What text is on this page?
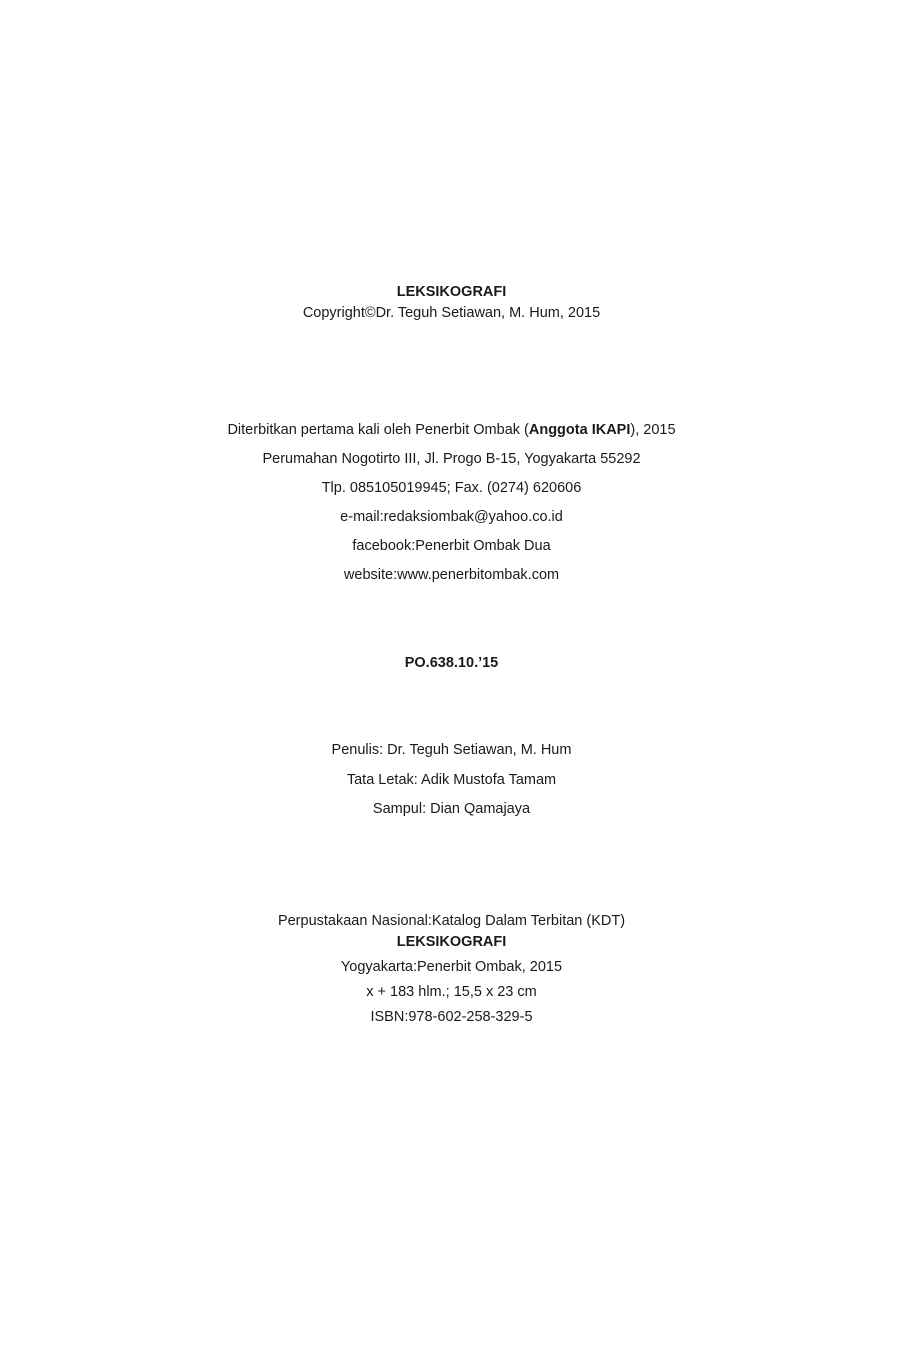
LEKSIKOGRAFI
Copyright©Dr. Teguh Setiawan, M. Hum, 2015
Diterbitkan pertama kali oleh Penerbit Ombak (Anggota IKAPI), 2015
Perumahan Nogotirto III, Jl. Progo B-15, Yogyakarta 55292
Tlp. 085105019945; Fax. (0274) 620606
e-mail:redaksiombak@yahoo.co.id
facebook:Penerbit Ombak Dua
website:www.penerbitombak.com
PO.638.10.’15
Penulis: Dr. Teguh Setiawan, M. Hum
Tata Letak: Adik Mustofa Tamam
Sampul: Dian Qamajaya
Perpustakaan Nasional:Katalog Dalam Terbitan (KDT)
LEKSIKOGRAFI
Yogyakarta:Penerbit Ombak, 2015
x + 183 hlm.; 15,5 x 23 cm
ISBN:978-602-258-329-5
